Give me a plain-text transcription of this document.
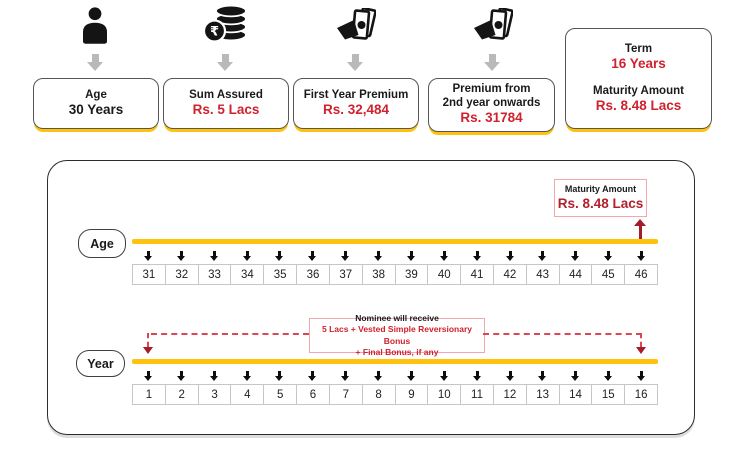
₹
Age
30 Years
Sum Assured
Rs. 5 Lacs
First Year Premium
Rs. 32,484
Premium from
2nd year onwards
Rs. 31784
Term
16 Years
Maturity Amount
Rs. 8.48 Lacs
Maturity Amount
Rs. 8.48 Lacs
Age
31	32	33	34	35	36	37	38	39	40	41	42	43	44	45	46
Nominee will receive
5 Lacs + Vested Simple Reversionary Bonus
+ Final Bonus, if any
Year
1	2	3	4	5	6	7	8	9	10	11	12	13	14	15	16
